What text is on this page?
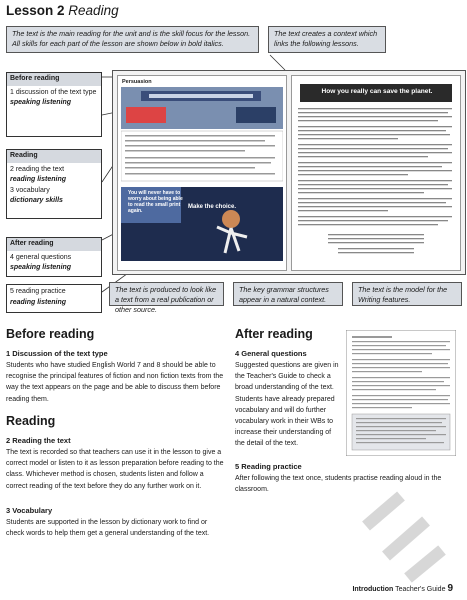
Lesson 2 Reading
The text is the main reading for the unit and is the skill focus for the lesson. All skills for each part of the lesson are shown below in bold italics.
The text creates a context which links the following lessons.
Before reading
1 discussion of the text type
speaking listening
Reading
2 reading the text
reading listening
3 vocabulary
dictionary skills
After reading
4 general questions
speaking listening
5 reading practice
reading listening
Persuasion
You will never have to worry about being able to read the small print again.
Make the choice.
How you really can save the planet.
The text is produced to look like a text from a real publication or other source.
The key grammar structures appear in a natural context.
The text is the model for the Writing features.
Before reading
1 Discussion of the text type
Students who have studied English World 7 and 8 should be able to recognise the principal features of fiction and non fiction texts from the way the text appears on the page and be able to discuss them before reading them.
Reading
2 Reading the text
The text is recorded so that teachers can use it in the lesson to give a correct model or listen to it as lesson preparation before reading to the class. Whichever method is chosen, students listen and follow a correct reading of the text before they do any further work on it.
3 Vocabulary
Students are supported in the lesson by dictionary work to find or check words to help them get a general understanding of the text.
After reading
4 General questions
Suggested questions are given in the Teacher's Guide to check a broad understanding of the text. Students have already prepared vocabulary and will do further vocabulary work in their WBs to increase their understanding of the detail of the text.
5 Reading practice
After following the text once, students practise reading aloud in the classroom.
Introduction Teacher's Guide 9
